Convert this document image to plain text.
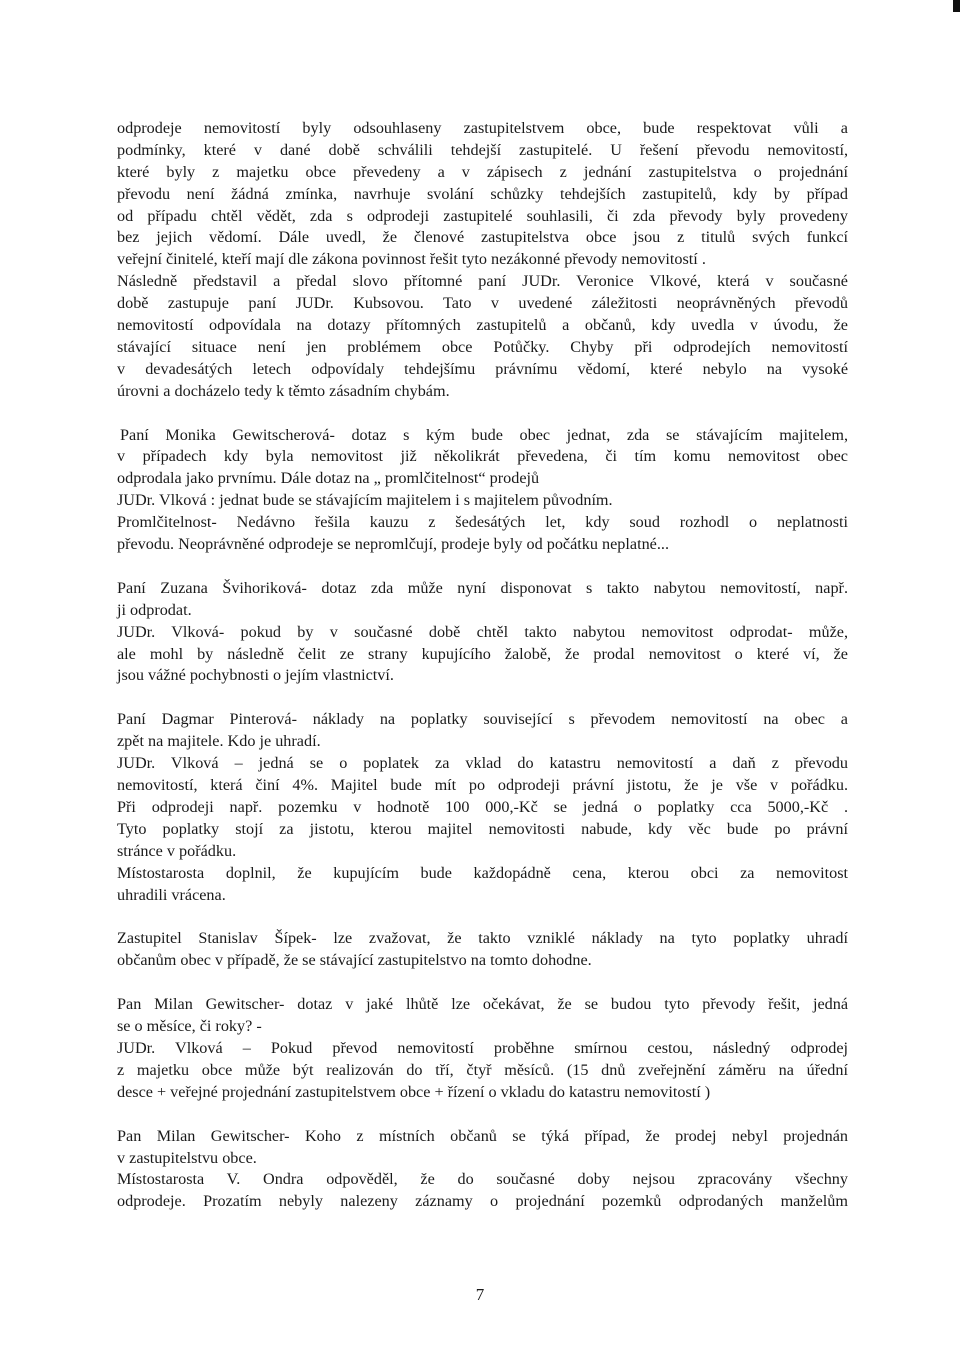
odprodeje nemovitostí byly odsouhlaseny zastupitelstvem obce, bude respektovat vůli a
podmínky, které v dané době schválili tehdejší zastupitelé. U řešení převodu nemovitostí,
které byly z majetku obce převedeny a v zápisech z jednání zastupitelstva o projednání
převodu není žádná zmínka, navrhuje svolání schůzky tehdejších zastupitelů, kdy by případ
od případu chtěl vědět, zda s odprodeji zastupitelé souhlasili, či zda převody byly provedeny
bez jejich vědomí. Dále uvedl, že členové zastupitelstva obce jsou z titulů svých funkcí
veřejní činitelé, kteří mají dle zákona povinnost řešit tyto nezákonné převody nemovitostí .
Následně představil a předal slovo přítomné paní JUDr. Veronice Vlkové, která v současné
době zastupuje paní JUDr. Kubsovou. Tato v uvedené záležitosti neoprávněných převodů
nemovitostí odpovídala na dotazy přítomných zastupitelů a občanů, kdy uvedla v úvodu, že
stávající situace není jen problémem obce Potůčky. Chyby při odprodejích nemovitostí
v devadesátých letech odpovídaly tehdejšímu právnímu vědomí, které nebylo na vysoké
úrovni a docházelo tedy k těmto zásadním chybám.
Paní Monika Gewitscherová- dotaz s kým bude obec jednat, zda se stávajícím majitelem,
v případech kdy byla nemovitost již několikrát převedena, či tím komu nemovitost obec
odprodala jako prvnímu. Dále dotaz na „ promlčitelnost“ prodejů
JUDr. Vlková : jednat bude se stávajícím majitelem i s majitelem původním.
Promlčitelnost- Nedávno řešila kauzu z šedesátých let, kdy soud rozhodl o neplatnosti
převodu. Neoprávněné odprodeje se nepromlčují, prodeje byly od počátku neplatné...
Paní Zuzana Švihoriková- dotaz zda může nyní disponovat s takto nabytou nemovitostí, např.
ji odprodat.
JUDr. Vlková- pokud by v současné době chtěl takto nabytou nemovitost odprodat- může,
ale mohl by následně čelit ze strany kupujícího žalobě, že prodal nemovitost o které ví, že
jsou vážné pochybnosti o jejím vlastnictví.
Paní Dagmar Pinterová- náklady na poplatky související s převodem nemovitostí na obec a
zpět na majitele. Kdo je uhradí.
JUDr. Vlková – jedná se o poplatek za vklad do katastru nemovitostí a daň z převodu
nemovitostí, která činí 4%. Majitel bude mít po odprodeji právní jistotu, že je vše v pořádku.
Při odprodeji např. pozemku v hodnotě 100 000,-Kč se jedná o poplatky cca 5000,-Kč .
Tyto poplatky stojí za jistotu, kterou majitel nemovitosti nabude, kdy věc bude po právní
stránce v pořádku.
Místostarosta doplnil, že kupujícím bude každopádně cena, kterou obci za nemovitost
uhradili vrácena.
Zastupitel Stanislav Šípek- lze zvažovat, že takto vzniklé náklady na tyto poplatky uhradí
občanům obec v případě, že se stávající zastupitelstvo na tomto dohodne.
Pan Milan Gewitscher- dotaz v jaké lhůtě lze očekávat, že se budou tyto převody řešit, jedná
se o měsíce, či roky? -
JUDr. Vlková – Pokud převod nemovitostí proběhne smírnou cestou, následný odprodej
z majetku obce může být realizován do tří, čtyř měsíců. (15 dnů zveřejnění záměru na úřední
desce + veřejné projednání zastupitelstvem obce + řízení o vkladu do katastru nemovitostí )
Pan Milan Gewitscher- Koho z místních občanů se týká případ, že prodej nebyl projednán
v zastupitelstvu obce.
Místostarosta V. Ondra odpověděl, že do současné doby nejsou zpracovány všechny
odprodeje. Prozatím nebyly nalezeny záznamy o projednání pozemků odprodaných manželům
7
